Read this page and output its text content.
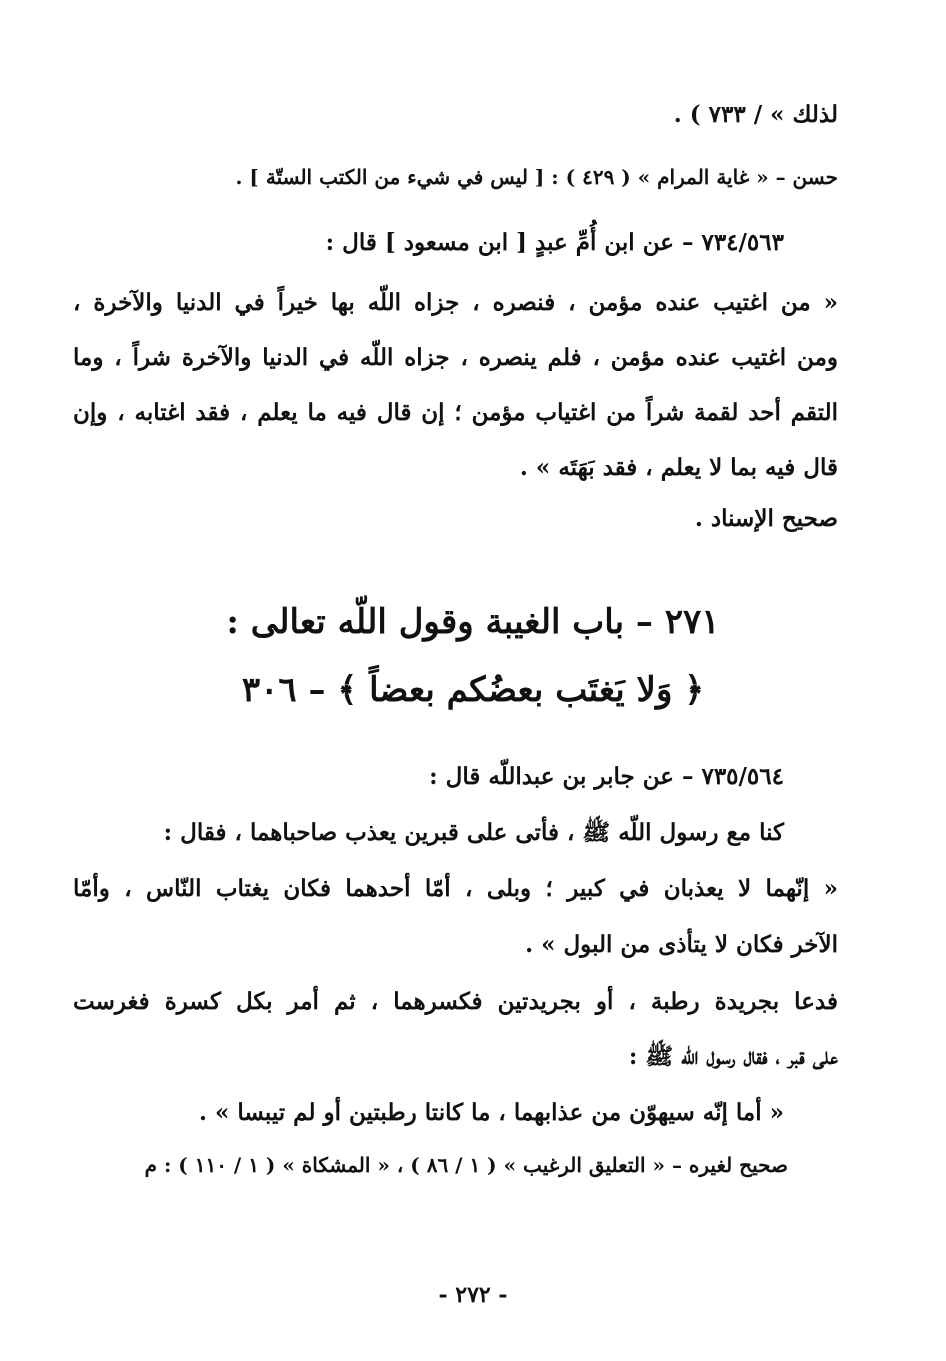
لذلك » / ٧٣٣ ) .
حسن – « غاية المرام » ( ٤٢٩ ) : [ ليس في شيء من الكتب الستّة ] .
٧٣٤/٥٦٣ – عن ابن أُمِّ عبدٍ [ ابن مسعود ] قال :
« من اغتيب عنده مؤمن ، فنصره ، جزاه اللّه بها خيراً في الدنيا والآخرة ،
ومن اغتيب عنده مؤمن ، فلم ينصره ، جزاه اللّه في الدنيا والآخرة شراً ، وما
التقم أحد لقمة شراً من اغتياب مؤمن ؛ إن قال فيه ما يعلم ، فقد اغتابه ، وإن
قال فيه بما لا يعلم ، فقد بَهَتَه » .
صحيح الإسناد .
٢٧١ – باب الغيبة وقول اللّه تعالى :
﴿ وَلا يَغتَب بعضُكم بعضاً ﴾ – ٣٠٦
٧٣٥/٥٦٤ – عن جابر بن عبداللّه قال :
كنا مع رسول اللّه ﷺ ، فأتى على قبرين يعذب صاحباهما ، فقال :
« إنّهما لا يعذبان في كبير ؛ وبلى ، أمّا أحدهما فكان يغتاب النّاس ، وأمّا
الآخر فكان لا يتأذى من البول » .
فدعا بجريدة رطبة ، أو بجريدتين فكسرهما ، ثم أمر بكل كسرة فغرست
على قبر ، فقال رسول اللّه ﷺ :
« أما إنّه سيهوّن من عذابهما ، ما كانتا رطبتين أو لم تيبسا » .
صحيح لغيره – « التعليق الرغيب » ( ١ / ٨٦ ) ، « المشكاة » ( ١ / ١١٠ ) : م
- ٢٧٢ -
